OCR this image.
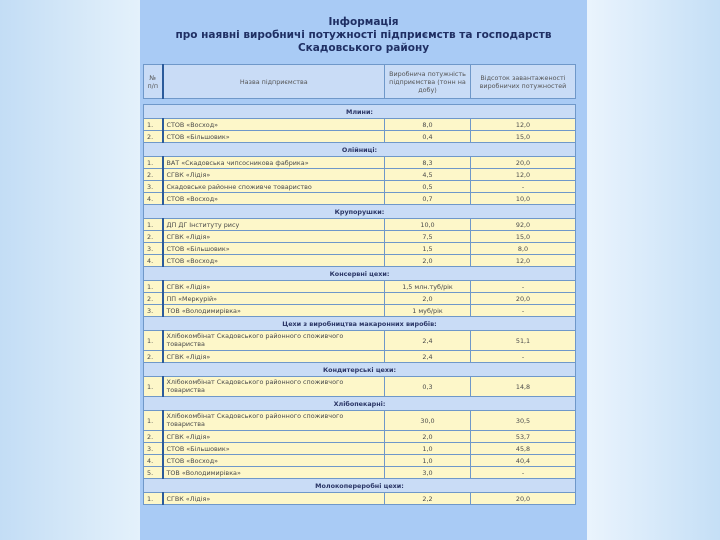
Інформація
про наявні виробничі потужності підприємств та господарств
Скадовського району
№ п/п	Назва підприємства	Виробнича потужність підприємства (тонн на добу)	Відсоток завантаженості виробничих потужностей

Млини:			
1.	СТОВ «Восход»	8,0	12,0
2.	СТОВ «Більшовик»	0,4	15,0
Олійниці:			
1.	ВАТ «Скадовська чипсосникова фабрика»	8,3	20,0
2.	СГВК «Лідія»	4,5	12,0
3.	Скадовське районне споживче товариство	0,5	-
4.	СТОВ «Восход»	0,7	10,0
Крупорушки:			
1.	ДП ДГ Інституту рису	10,0	92,0
2.	СГВК «Лідія»	7,5	15,0
3.	СТОВ «Більшовик»	1,5	8,0
4.	СТОВ «Восход»	2,0	12,0
Консервні цехи:			
1.	СГВК «Лідія»	1,5 млн.туб/рік	-
2.	ПП «Меркурій»	2,0	20,0
3.	ТОВ «Володимирівка»	1 муб/рік	-
Цехи з виробництва макаронних виробів:			
1.	Хлібокомбінат Скадовського районного споживчого товариства	2,4	51,1
2.	СГВК «Лідія»	2,4	-
Кондитерські цехи:			
1.	Хлібокомбінат Скадовського районного споживчого товариства	0,3	14,8
Хлібопекарні:			
1.	Хлібокомбінат Скадовського районного споживчого товариства	30,0	30,5
2.	СГВК «Лідія»	2,0	53,7
3.	СТОВ «Більшовик»	1,0	45,8
4.	СТОВ «Восход»	1,0	40,4
5.	ТОВ «Володимирівка»	3,0	-
Молокопереробні цехи:			
1.	СГВК «Лідія»	2,2	20,0
